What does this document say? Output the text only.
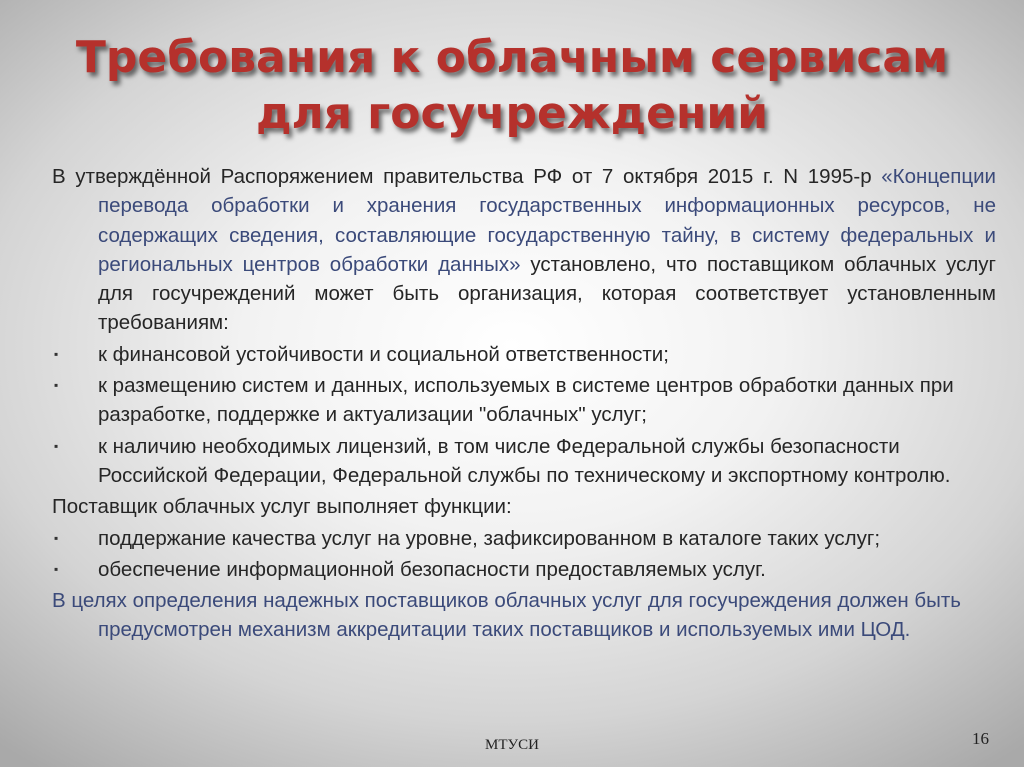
Требования к облачным сервисам
для госучреждений

В утверждённой Распоряжением правительства РФ от 7 октября 2015 г. N 1995-р «Концепции перевода обработки и хранения государственных информационных ресурсов, не содержащих сведения, составляющие государственную тайну, в систему федеральных и региональных центров обработки данных» установлено, что поставщиком облачных услуг для госучреждений может быть организация, которая соответствует установленным требованиям:

▪ к финансовой устойчивости и социальной ответственности;
▪ к размещению систем и данных, используемых в системе центров обработки данных при разработке, поддержке и актуализации "облачных" услуг;
▪ к наличию необходимых лицензий, в том числе Федеральной службы безопасности Российской Федерации, Федеральной службы по техническому и экспортному контролю.

Поставщик облачных услуг выполняет функции:

▪ поддержание качества услуг на уровне, зафиксированном в каталоге таких услуг;
▪ обеспечение информационной безопасности предоставляемых услуг.

В целях определения надежных поставщиков облачных услуг для госучреждения должен быть предусмотрен механизм аккредитации таких поставщиков и используемых ими ЦОД.

МТУСИ	16
